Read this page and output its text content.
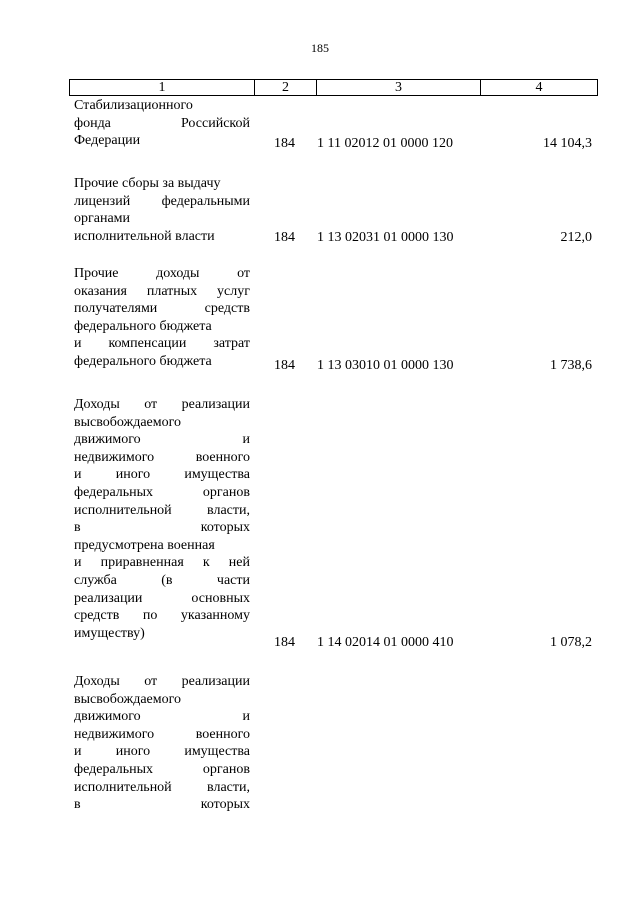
185
1	2	3	4
Стабилизационного
фонда Российской
Федерации	184 1 11 02012 01 0000 120	14 104,3
Прочие сборы за выдачу
лицензий федеральными
органами
исполнительной власти	184 1 13 02031 01 0000 130	212,0
Прочие доходы от
оказания платных услуг
получателями средств
федерального бюджета
и компенсации затрат
федерального бюджета	184 1 13 03010 01 0000 130	1 738,6
Доходы от реализации
высвобождаемого
движимого и
недвижимого военного
и иного имущества
федеральных органов
исполнительной власти,
в которых
предусмотрена военная
и приравненная к ней
служба (в части
реализации основных
средств по указанному
имуществу)
184 1 14 02014 01 0000 410	1 078,2
Доходы от реализации
высвобождаемого
движимого и
недвижимого военного
и иного имущества
федеральных органов
исполнительной власти,
в которых
